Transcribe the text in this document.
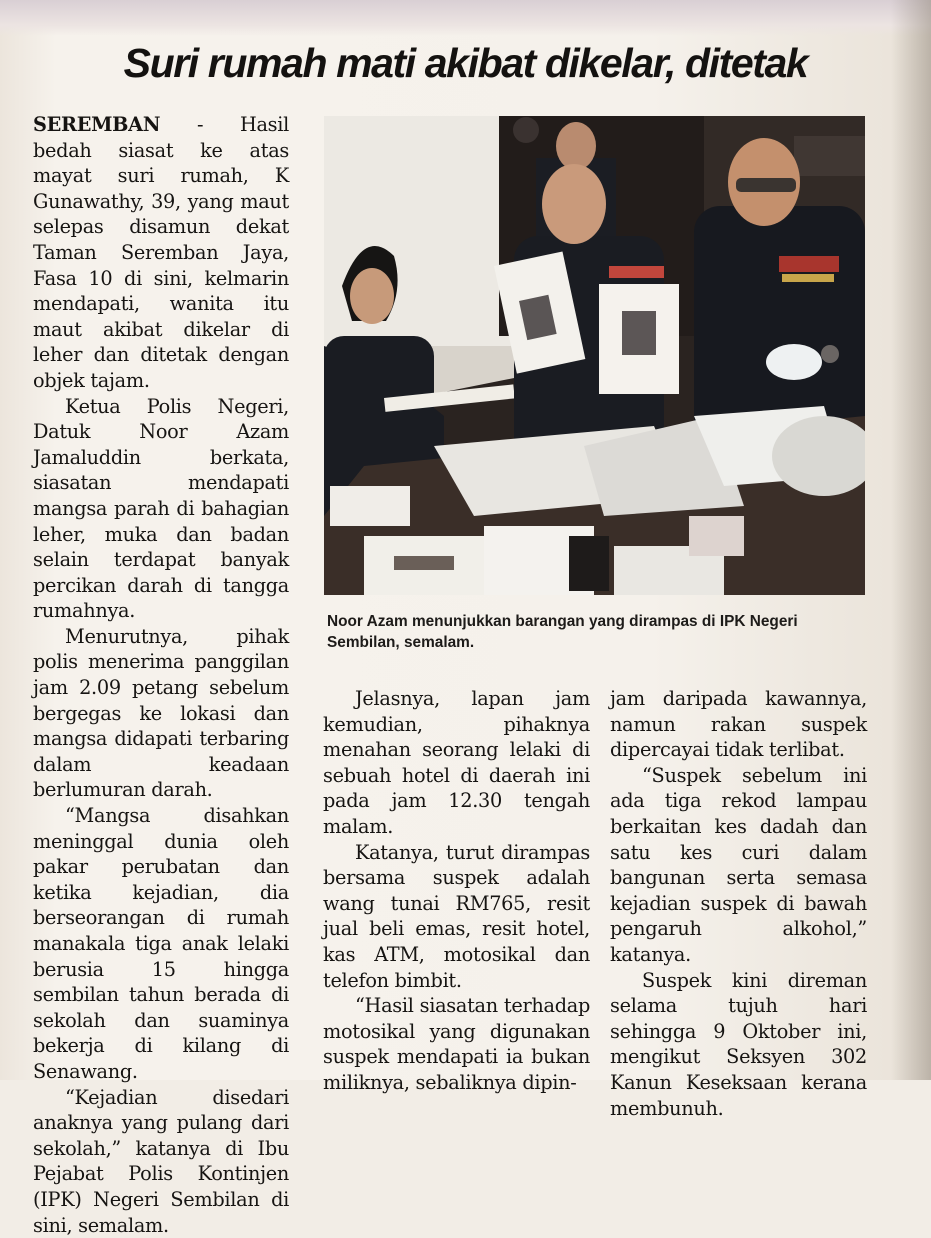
Suri rumah mati akibat dikelar, ditetak

SEREMBAN - Hasil bedah siasat ke atas mayat suri rumah, K Gunawathy, 39, yang maut selepas disamun dekat Taman Seremban Jaya, Fasa 10 di sini, kelmarin mendapati, wanita itu maut akibat dikelar di leher dan ditetak dengan objek tajam.

Ketua Polis Negeri, Datuk Noor Azam Jamaluddin berkata, siasatan mendapati mangsa parah di bahagian leher, muka dan badan selain terdapat banyak percikan darah di tangga rumahnya.

Menurutnya, pihak polis menerima panggilan jam 2.09 petang sebelum bergegas ke lokasi dan mangsa didapati terbaring dalam keadaan berlumuran darah.

“Mangsa disahkan meninggal dunia oleh pakar perubatan dan ketika kejadian, dia berseorangan di rumah manakala tiga anak lelaki berusia 15 hingga sembilan tahun berada di sekolah dan suaminya bekerja di kilang di Senawang.

“Kejadian disedari anaknya yang pulang dari sekolah,” katanya di Ibu Pejabat Polis Kontinjen (IPK) Negeri Sembilan di sini, semalam.

Noor Azam menunjukkan barangan yang dirampas di IPK Negeri Sembilan, semalam.

Jelasnya, lapan jam kemudian, pihaknya menahan seorang lelaki di sebuah hotel di daerah ini pada jam 12.30 tengah malam.

Katanya, turut dirampas bersama suspek adalah wang tunai RM765, resit jual beli emas, resit hotel, kas ATM, motosikal dan telefon bimbit.

“Hasil siasatan terhadap motosikal yang digunakan suspek mendapati ia bukan miliknya, sebaliknya dipin-

jam daripada kawannya, namun rakan suspek dipercayai tidak terlibat.

“Suspek sebelum ini ada tiga rekod lampau berkaitan kes dadah dan satu kes curi dalam bangunan serta semasa kejadian suspek di bawah pengaruh alkohol,” katanya.

Suspek kini direman selama tujuh hari sehingga 9 Oktober ini, mengikut Seksyen 302 Kanun Keseksaan kerana membunuh.
